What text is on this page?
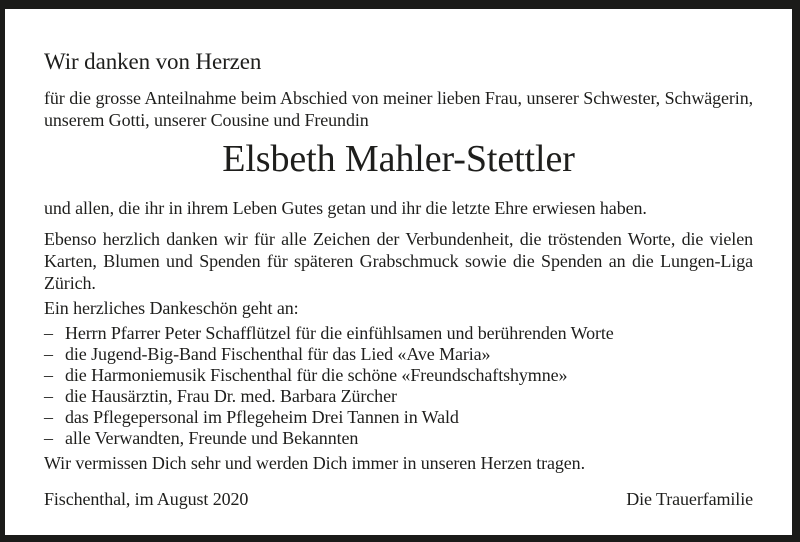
Wir danken von Herzen

für die grosse Anteilnahme beim Abschied von meiner lieben Frau, unserer Schwester, Schwägerin, unserem Gotti, unserer Cousine und Freundin

Elsbeth Mahler-Stettler

und allen, die ihr in ihrem Leben Gutes getan und ihr die letzte Ehre erwiesen haben.

Ebenso herzlich danken wir für alle Zeichen der Verbundenheit, die tröstenden Worte, die vielen Karten, Blumen und Spenden für späteren Grabschmuck sowie die Spenden an die Lungen-Liga Zürich.

Ein herzliches Dankeschön geht an:

– Herrn Pfarrer Peter Schafflützel für die einfühlsamen und berührenden Worte
– die Jugend-Big-Band Fischenthal für das Lied «Ave Maria»
– die Harmoniemusik Fischenthal für die schöne «Freundschaftshymne»
– die Hausärztin, Frau Dr. med. Barbara Zürcher
– das Pflegepersonal im Pflegeheim Drei Tannen in Wald
– alle Verwandten, Freunde und Bekannten

Wir vermissen Dich sehr und werden Dich immer in unseren Herzen tragen.

Fischenthal, im August 2020	Die Trauerfamilie
